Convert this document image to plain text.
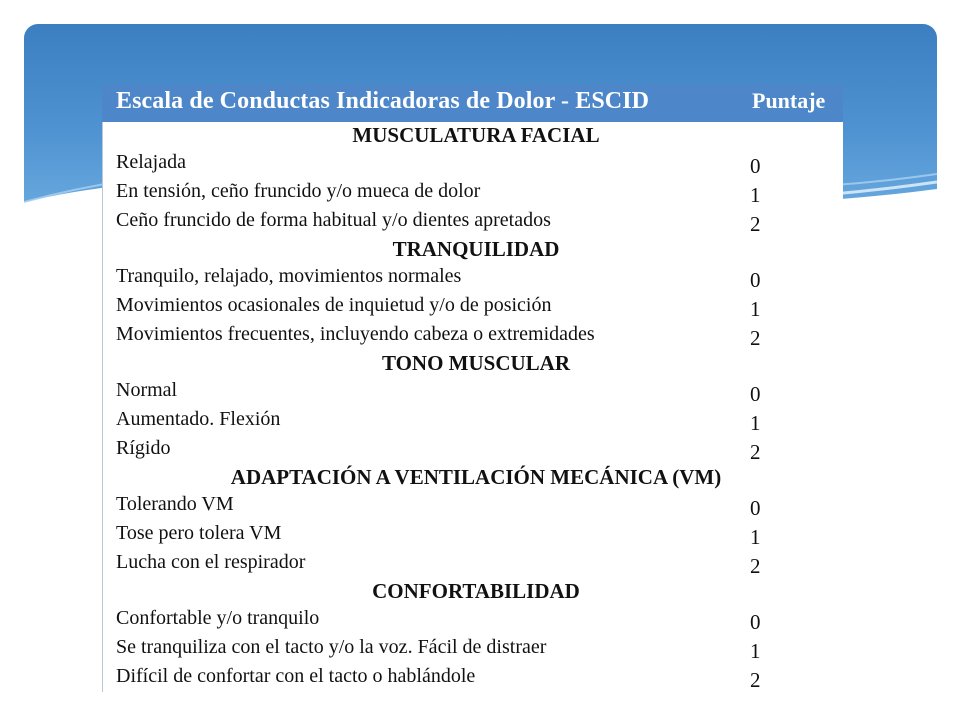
Escala de Conductas Indicadoras de Dolor - ESCID	Puntaje
MUSCULATURA FACIAL
Relajada	0
En tensión, ceño fruncido y/o mueca de dolor	1
Ceño fruncido de forma habitual y/o dientes apretados	2
TRANQUILIDAD
Tranquilo, relajado, movimientos normales	0
Movimientos ocasionales de inquietud y/o de posición	1
Movimientos frecuentes, incluyendo cabeza o extremidades	2
TONO MUSCULAR
Normal	0
Aumentado. Flexión	1
Rígido	2
ADAPTACIÓN A VENTILACIÓN MECÁNICA (VM)
Tolerando VM	0
Tose pero tolera VM	1
Lucha con el respirador	2
CONFORTABILIDAD
Confortable y/o tranquilo	0
Se tranquiliza con el tacto y/o la voz. Fácil de distraer	1
Difícil de confortar con el tacto o hablándole	2
